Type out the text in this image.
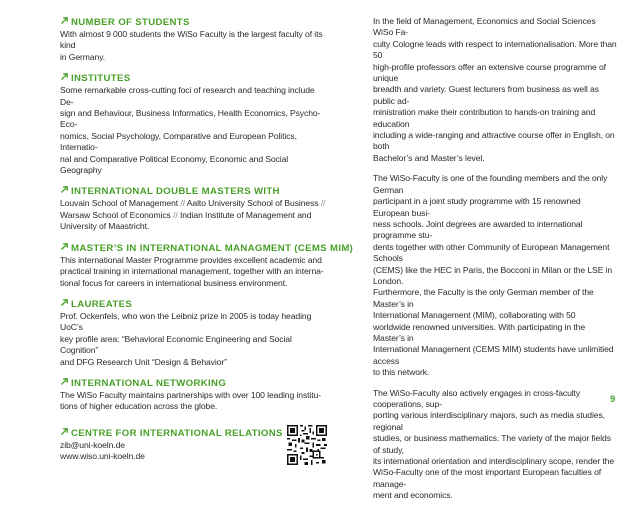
NUMBER OF STUDENTS
With almost 9 000 students the WiSo Faculty is the largest faculty of its kind
in Germany.
INSTITUTES
Some remarkable cross-cutting foci of research and teaching include De-
sign and Behaviour, Business Informatics, Health Economics, Psycho-Eco-
nomics, Social Psychology, Comparative and European Politics, Internatio-
nal and Comparative Political Economy, Economic and Social Geography
INTERNATIONAL DOUBLE MASTERS WITH
Louvain School of Management // Aalto University School of Business //
Warsaw School of Economics // Indian Institute of Management and
University of Maastricht.
MASTER’S IN INTERNATIONAL MANAGMENT (CEMS MIM)
This international Master Programme provides excellent academic and
practical training in international management, together with an interna-
tional focus for careers in international business environment.
LAUREATES
Prof. Ockenfels, who won the Leibniz prize in 2005 is today heading UoC’s
key profile area: “Behavioral Economic Engineering and Social Cognition”
and DFG Research Unit “Design & Behavior”
INTERNATIONAL NETWORKING
The WiSo Faculty maintains partnerships with over 100 leading institu-
tions of higher education across the globe.
CENTRE FOR INTERNATIONAL RELATIONS
zib@uni-koeln.de
www.wiso.uni-koeln.de
In the field of Management, Economics and Social Sciences WiSo Fa-
culty Cologne leads with respect to internationalisation. More than 50
high-profile professors offer an extensive course programme of unique
breadth and variety. Guest lecturers from business as well as public ad-
ministration make their contribution to hands-on training and education
including a wide-ranging and attractive course offer in English, on both
Bachelor’s and Master’s level.
The WiSo-Faculty is one of the founding members and the only German
participant in a joint study programme with 15 renowned European busi-
ness schools. Joint degrees are awarded to international programme stu-
dents together with other Community of European Management Schools
(CEMS) like the HEC in Paris, the Bocconi in Milan or the LSE in London.
Furthermore, the Faculty is the only German member of the Master’s in
International Management (MIM), collaborating with 50
worldwide renowned universities. With participating in the Master’s in
International Management (CEMS MIM) students have unlimitied access
to this network.
The WiSo-Faculty also actively engages in cross-faculty cooperations, sup-
porting various interdisciplinary majors, such as media studies, regional
studies, or business mathematics. The variety of the major fields of study,
its international orientation and interdisciplinary scope, render the
WiSo-Faculty one of the most important European faculties of manage-
ment and economics.
9
